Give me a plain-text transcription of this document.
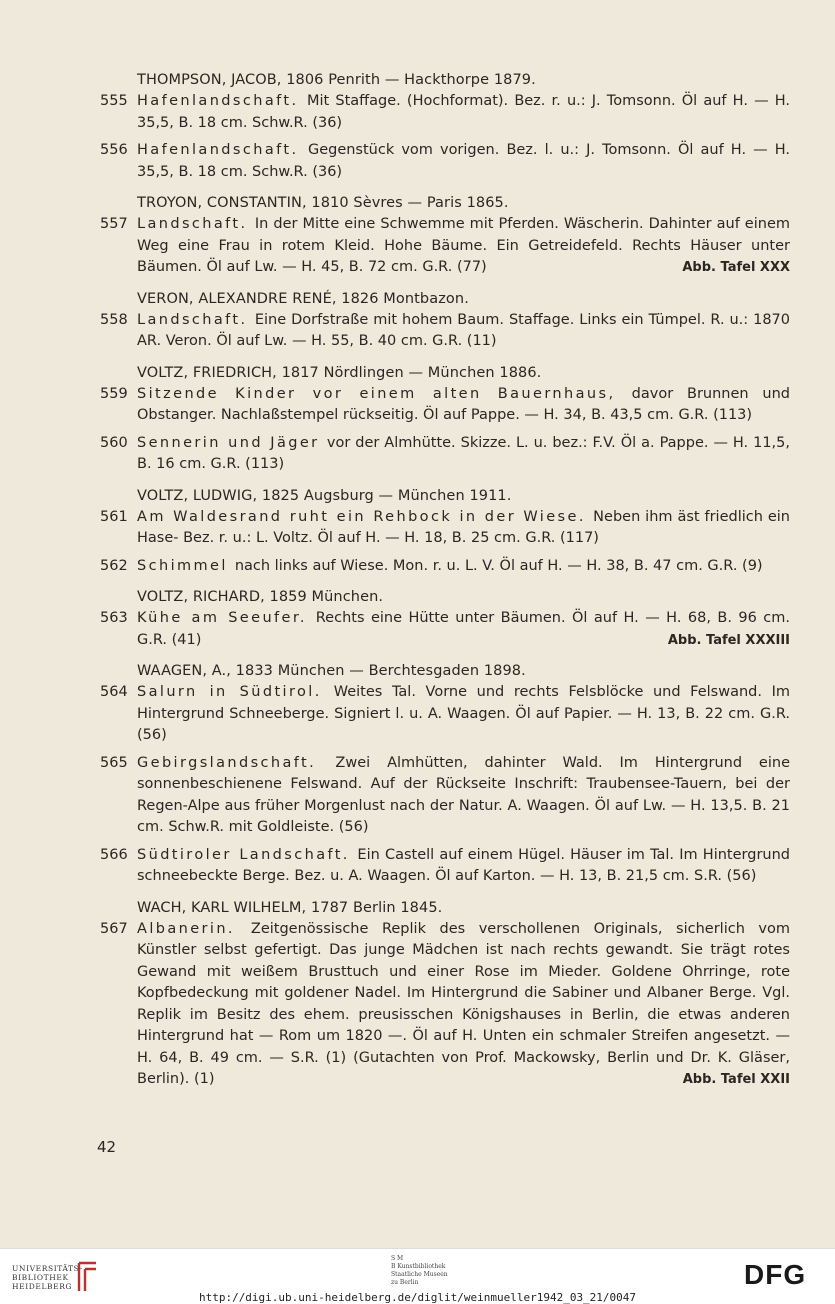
THOMPSON, JACOB, 1806 Penrith — Hackthorpe 1879.
555 Hafenlandschaft. Mit Staffage. (Hochformat). Bez. r. u.: J. Tomsonn. Öl auf H. — H. 35,5, B. 18 cm. Schw.R. (36)
556 Hafenlandschaft. Gegenstück vom vorigen. Bez. l. u.: J. Tomsonn. Öl auf H. — H. 35,5, B. 18 cm. Schw.R. (36)
TROYON, CONSTANTIN, 1810 Sèvres — Paris 1865.
557 Landschaft. In der Mitte eine Schwemme mit Pferden. Wäscherin. Dahinter auf einem Weg eine Frau in rotem Kleid. Hohe Bäume. Ein Getreidefeld. Rechts Häuser unter Bäumen. Öl auf Lw. — H. 45, B. 72 cm. G.R. (77)	Abb. Tafel XXX
VERON, ALEXANDRE RENÉ, 1826 Montbazon.
558 Landschaft. Eine Dorfstraße mit hohem Baum. Staffage. Links ein Tümpel. R. u.: 1870 AR. Veron. Öl auf Lw. — H. 55, B. 40 cm. G.R. (11)
VOLTZ, FRIEDRICH, 1817 Nördlingen — München 1886.
559 Sitzende Kinder vor einem alten Bauernhaus, davor Brunnen und Obstanger. Nachlaßstempel rückseitig. Öl auf Pappe. — H. 34, B. 43,5 cm. G.R. (113)
560 Sennerin und Jäger vor der Almhütte. Skizze. L. u. bez.: F.V. Öl a. Pappe. — H. 11,5, B. 16 cm. G.R. (113)
VOLTZ, LUDWIG, 1825 Augsburg — München 1911.
561 Am Waldesrand ruht ein Rehbock in der Wiese. Neben ihm äst friedlich ein Hase- Bez. r. u.: L. Voltz. Öl auf H. — H. 18, B. 25 cm. G.R. (117)
562 Schimmel nach links auf Wiese. Mon. r. u. L. V. Öl auf H. — H. 38, B. 47 cm. G.R. (9)
VOLTZ, RICHARD, 1859 München.
563 Kühe am Seeufer. Rechts eine Hütte unter Bäumen. Öl auf H. — H. 68, B. 96 cm. G.R. (41)	Abb. Tafel XXXIII
WAAGEN, A., 1833 München — Berchtesgaden 1898.
564 Salurn in Südtirol. Weites Tal. Vorne und rechts Felsblöcke und Felswand. Im Hintergrund Schneeberge. Signiert l. u. A. Waagen. Öl auf Papier. — H. 13, B. 22 cm. G.R. (56)
565 Gebirgslandschaft. Zwei Almhütten, dahinter Wald. Im Hintergrund eine sonnenbeschienene Felswand. Auf der Rückseite Inschrift: Traubensee-Tauern, bei der Regen-Alpe aus früher Morgenlust nach der Natur. A. Waagen. Öl auf Lw. — H. 13,5. B. 21 cm. Schw.R. mit Goldleiste. (56)
566 Südtiroler Landschaft. Ein Castell auf einem Hügel. Häuser im Tal. Im Hintergrund schneebeckte Berge. Bez. u. A. Waagen. Öl auf Karton. — H. 13, B. 21,5 cm. S.R. (56)
WACH, KARL WILHELM, 1787 Berlin 1845.
567 Albanerin. Zeitgenössische Replik des verschollenen Originals, sicherlich vom Künstler selbst gefertigt. Das junge Mädchen ist nach rechts gewandt. Sie trägt rotes Gewand mit weißem Brusttuch und einer Rose im Mieder. Goldene Ohrringe, rote Kopfbedeckung mit goldener Nadel. Im Hintergrund die Sabiner und Albaner Berge. Vgl. Replik im Besitz des ehem. preusisschen Königshauses in Berlin, die etwas anderen Hintergrund hat — Rom um 1820 —. Öl auf H. Unten ein schmaler Streifen angesetzt. — H. 64, B. 49 cm. — S.R. (1) (Gutachten von Prof. Mackowsky, Berlin und Dr. K. Gläser, Berlin). (1)	Abb. Tafel XXII
42
UNIVERSITÄTS-
BIBLIOTHEK
HEIDELBERG
S M
B Kunstbibliothek
Staatliche Museen
zu Berlin	DFG
http://digi.ub.uni-heidelberg.de/diglit/weinmueller1942_03_21/0047
